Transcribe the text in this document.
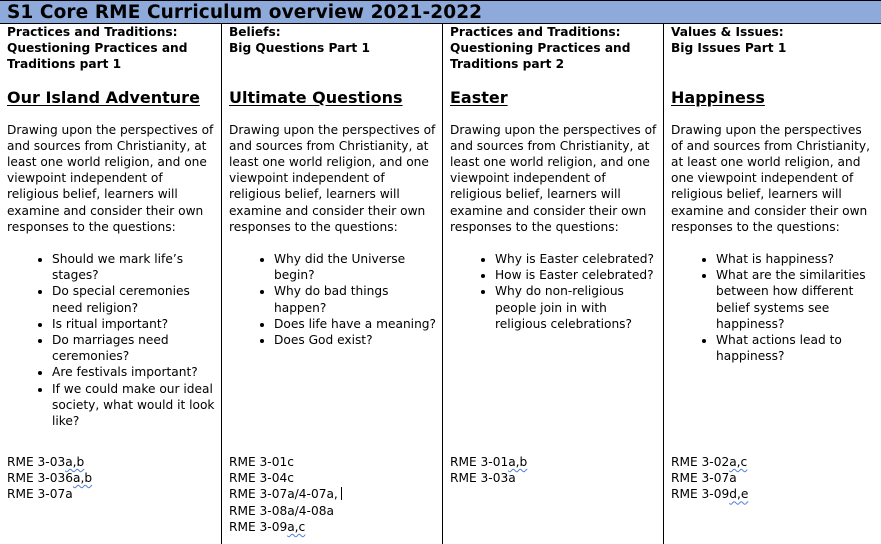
S1 Core RME Curriculum overview 2021-2022

Practices and Traditions:
Questioning Practices and
Traditions part 1

Our Island Adventure
Drawing upon the perspectives of and sources from Christianity, at least one world religion, and one viewpoint independent of religious belief, learners will examine and consider their own responses to the questions:
• Should we mark life’s stages?
• Do special ceremonies need religion?
• Is ritual important?
• Do marriages need ceremonies?
• Are festivals important?
• If we could make our ideal society, what would it look like?
RME 3-03a,b
RME 3-036a,b
RME 3-07a

Beliefs:
Big Questions Part 1

Ultimate Questions
Drawing upon the perspectives of and sources from Christianity, at least one world religion, and one viewpoint independent of religious belief, learners will examine and consider their own responses to the questions:
• Why did the Universe begin?
• Why do bad things happen?
• Does life have a meaning?
• Does God exist?
RME 3-01c
RME 3-04c
RME 3-07a/4-07a,
RME 3-08a/4-08a
RME 3-09a,c

Practices and Traditions:
Questioning Practices and
Traditions part 2

Easter
Drawing upon the perspectives of and sources from Christianity, at least one world religion, and one viewpoint independent of religious belief, learners will examine and consider their own responses to the questions:
• Why is Easter celebrated?
• How is Easter celebrated?
• Why do non-religious people join in with religious celebrations?
RME 3-01a,b
RME 3-03a

Values & Issues:
Big Issues Part 1

Happiness
Drawing upon the perspectives of and sources from Christianity, at least one world religion, and one viewpoint independent of religious belief, learners will examine and consider their own responses to the questions:
• What is happiness?
• What are the similarities between how different belief systems see happiness?
• What actions lead to happiness?
RME 3-02a,c
RME 3-07a
RME 3-09d,e
